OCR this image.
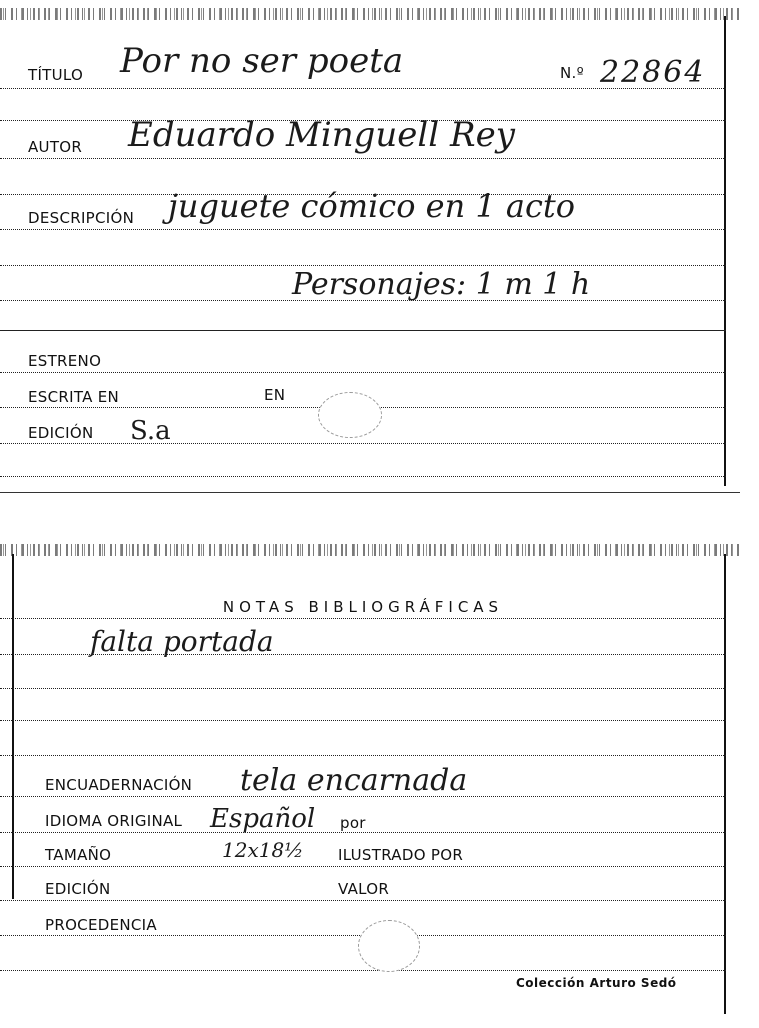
TÍTULO Por no ser poeta	N.º 22864
AUTOR Eduardo Minguell Rey
DESCRIPCIÓN juguete cómico en 1 acto
Personajes: 1 m 1 h
ESTRENO
ESCRITA EN	EN
EDICIÓN S.a
NOTAS BIBLIOGRÁFICAS
falta portada
ENCUADERNACIÓN tela encarnada
IDIOMA ORIGINAL Español por
TAMAÑO	12x18½ ILUSTRADO POR
EDICIÓN	VALOR
PROCEDENCIA
Colección Arturo Sedó
